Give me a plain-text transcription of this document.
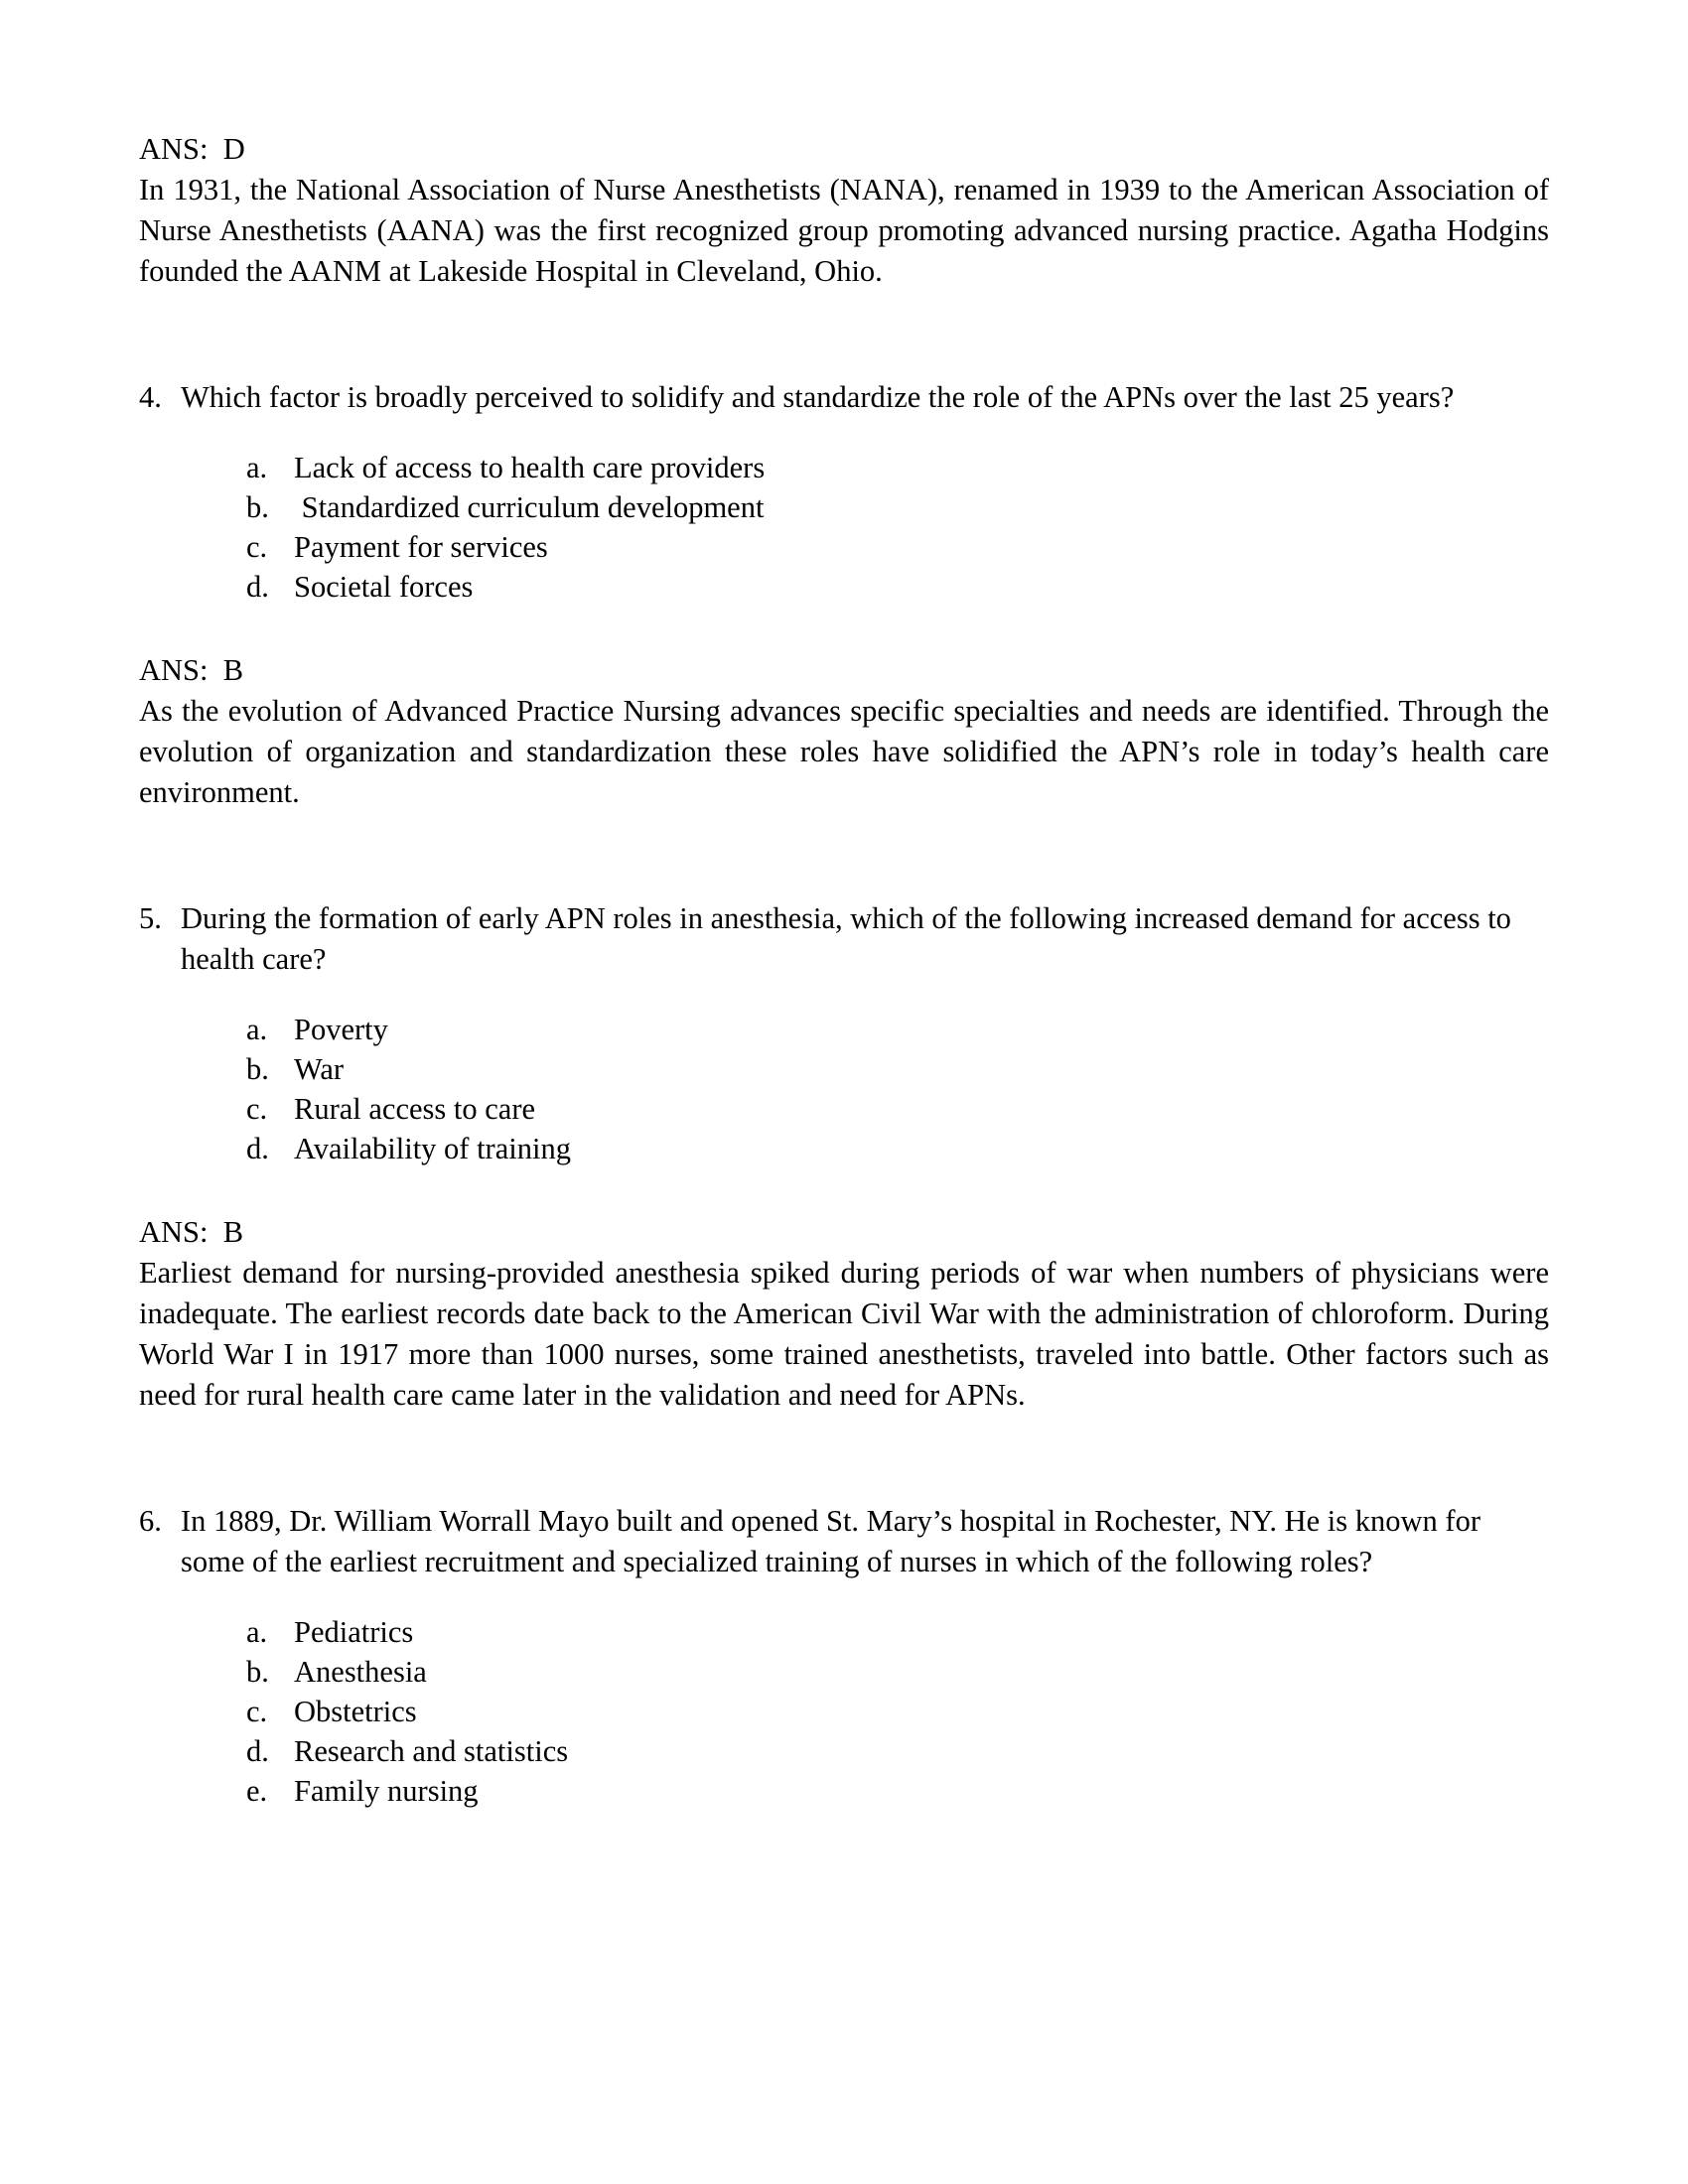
ANS:  D

In 1931, the National Association of Nurse Anesthetists (NANA), renamed in 1939 to the American Association of Nurse Anesthetists (AANA) was the first recognized group promoting advanced nursing practice. Agatha Hodgins founded the AANM at Lakeside Hospital in Cleveland, Ohio.

4. Which factor is broadly perceived to solidify and standardize the role of the APNs over the last 25 years?
a. Lack of access to health care providers
b. Standardized curriculum development
c. Payment for services
d. Societal forces

ANS:  B

As the evolution of Advanced Practice Nursing advances specific specialties and needs are identified. Through the evolution of organization and standardization these roles have solidified the APN’s role in today’s health care environment.

5. During the formation of early APN roles in anesthesia, which of the following increased demand for access to health care?
a. Poverty
b. War
c. Rural access to care
d. Availability of training

ANS:  B

Earliest demand for nursing-provided anesthesia spiked during periods of war when numbers of physicians were inadequate. The earliest records date back to the American Civil War with the administration of chloroform. During World War I in 1917 more than 1000 nurses, some trained anesthetists, traveled into battle. Other factors such as need for rural health care came later in the validation and need for APNs.

6. In 1889, Dr. William Worrall Mayo built and opened St. Mary’s hospital in Rochester, NY. He is known for some of the earliest recruitment and specialized training of nurses in which of the following roles?
a. Pediatrics
b. Anesthesia
c. Obstetrics
d. Research and statistics
e. Family nursing
